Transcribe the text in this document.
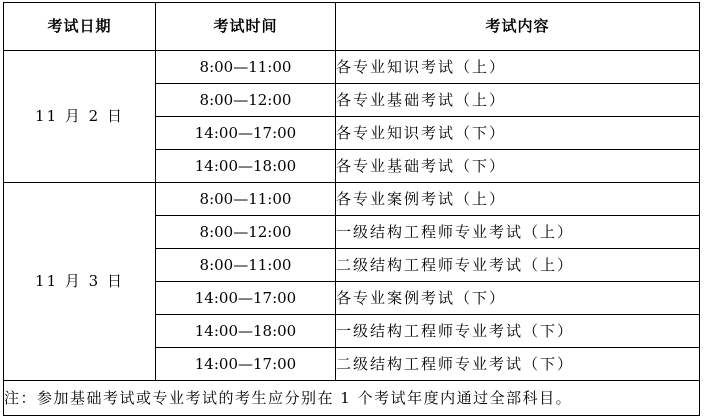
考试日期	考试时间	考试内容
11 月 2 日	8:00—11:00	各专业知识考试（上）
	8:00—12:00	各专业基础考试（上）
	14:00—17:00	各专业知识考试（下）
	14:00—18:00	各专业基础考试（下）
11 月 3 日	8:00—11:00	各专业案例考试（上）
	8:00—12:00	一级结构工程师专业考试（上）
	8:00—11:00	二级结构工程师专业考试（上）
	14:00—17:00	各专业案例考试（下）
	14:00—18:00	一级结构工程师专业考试（下）
	14:00—17:00	二级结构工程师专业考试（下）
注：参加基础考试或专业考试的考生应分别在 1 个考试年度内通过全部科目。		
